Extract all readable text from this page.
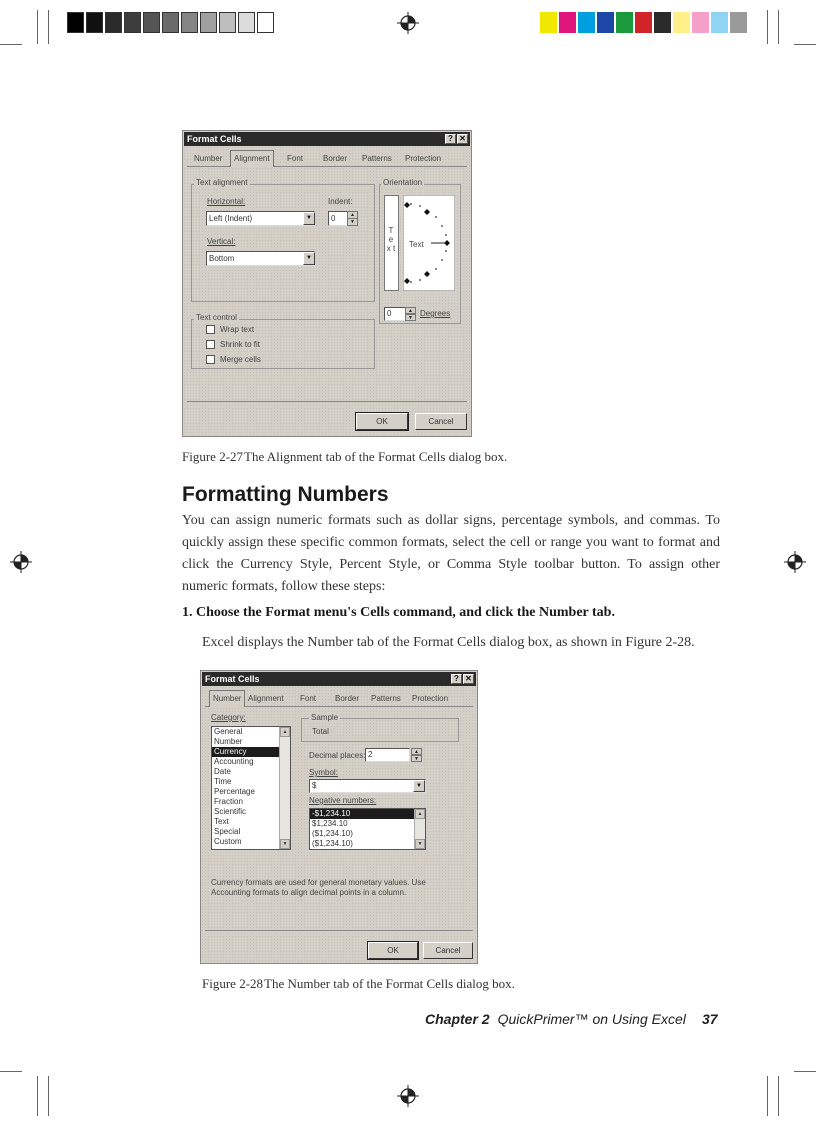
Format Cells	? ✕
Number	Alignment	Font	Border	Patterns	Protection
Text alignment
Horizontal:
Left (Indent)	▼
Indent:
0	▲
▼
Vertical:
Bottom	▼
Orientation
T e x t Text
0	▲
▼ Degrees
Text control
Wrap text
Shrink to fit
Merge cells
OK	Cancel
Figure 2-27The Alignment tab of the Format Cells dialog box.
Formatting Numbers
You can assign numeric formats such as dollar signs, percentage symbols, and commas. To quickly assign these specific common formats, select the cell or range you want to format and click the Currency Style, Percent Style, or Comma Style toolbar button. To assign other numeric formats, follow these steps:
1. Choose the Format menu's Cells command, and click the Number tab.
Excel displays the Number tab of the Format Cells dialog box, as shown in Figure 2-28.
Format Cells	? ✕
Number Alignment	Font	Border	Patterns	Protection
Category:
General
Number
Currency
Accounting
Date
Time
Percentage
Fraction
Scientific
Text
Special
Custom
▲
▼
Sample
Total
Decimal places: 2	▲
▼
Symbol:
$	▼
Negative numbers:
-$1,234.10
$1,234.10
($1,234.10)
($1,234.10)
▲
▼
Currency formats are used for general monetary values. Use Accounting formats to align decimal points in a column.
OK	Cancel
Figure 2-28The Number tab of the Format Cells dialog box.
Chapter 2 QuickPrimer™ on Using Excel 37
